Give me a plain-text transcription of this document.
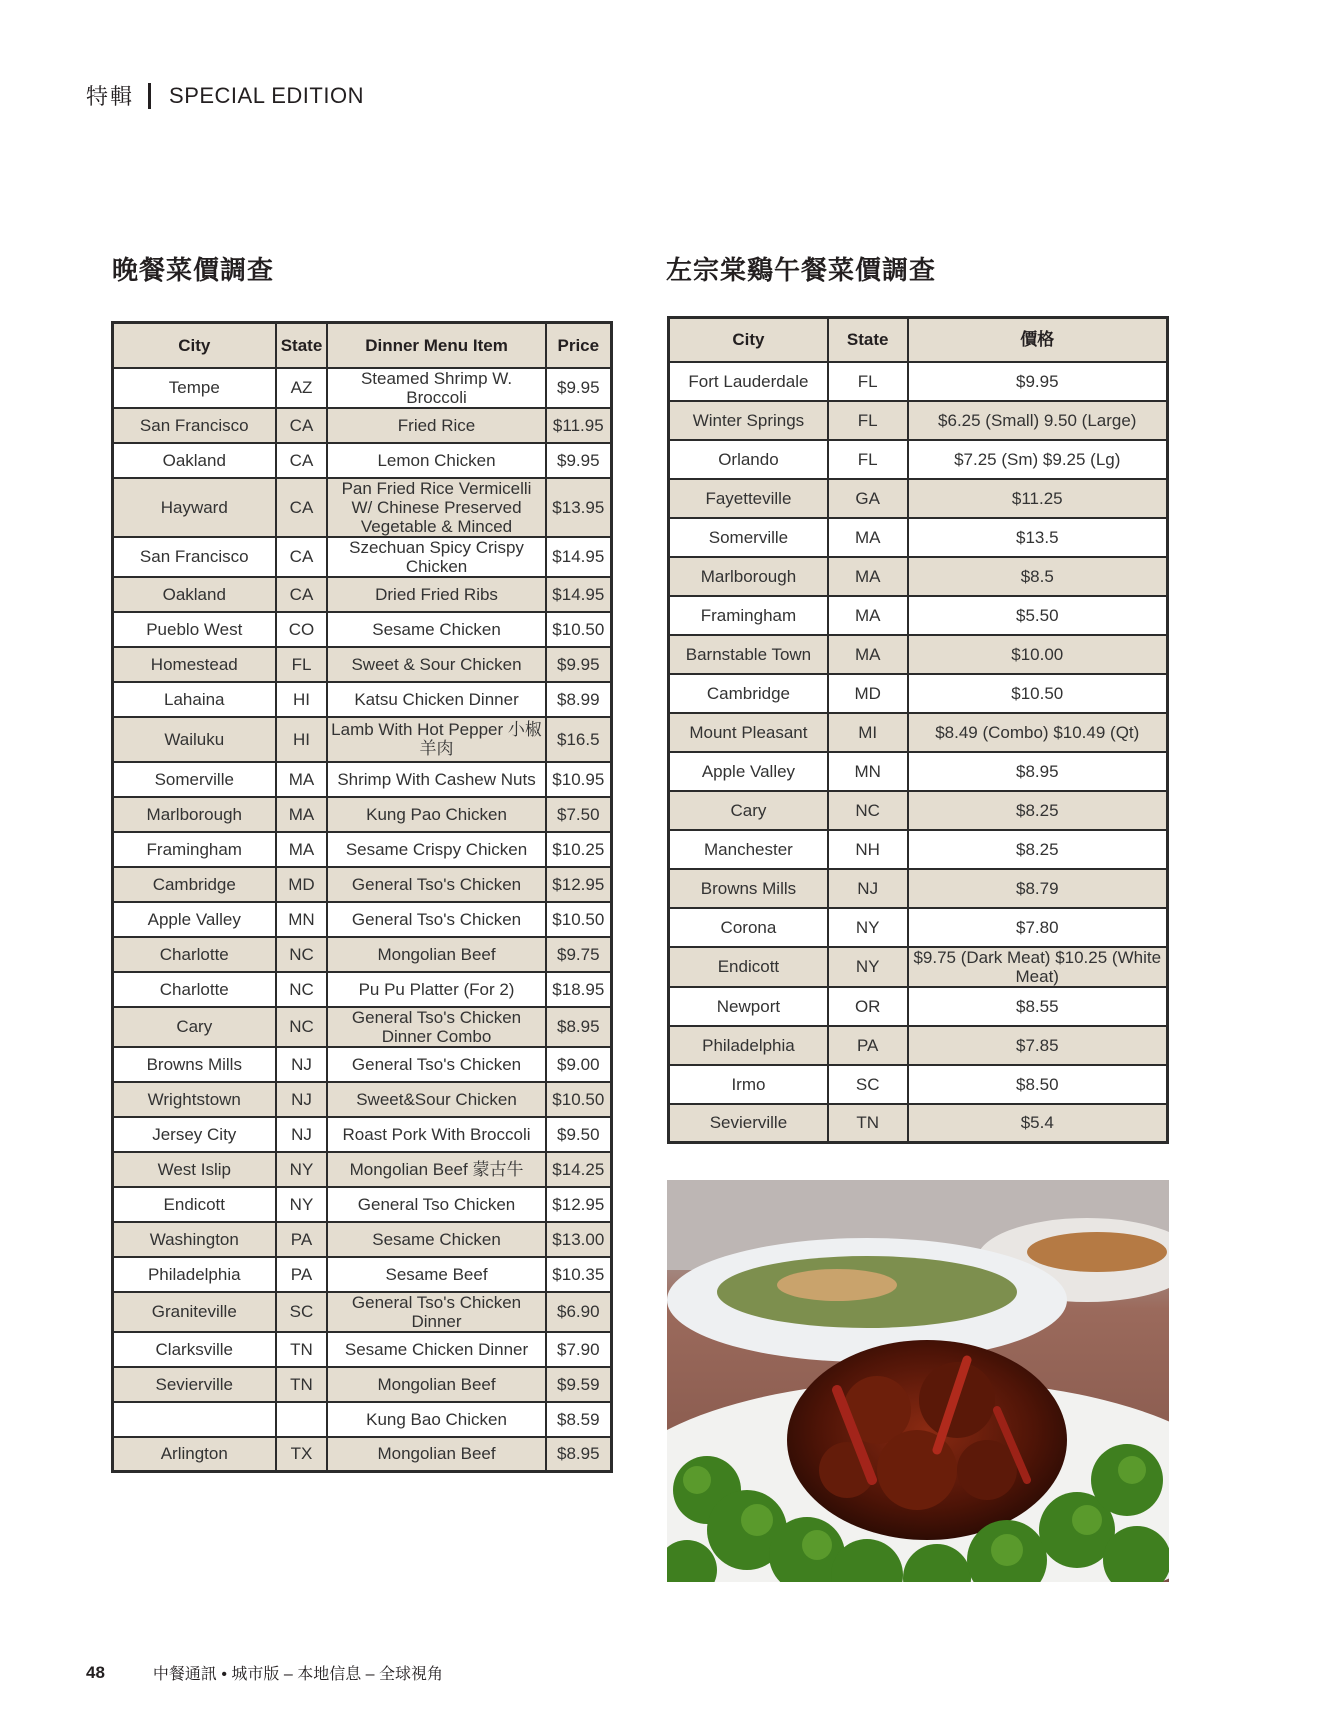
特輯 SPECIAL EDITION
晚餐菜價調查	左宗棠鷄午餐菜價調查
City	State	Dinner Menu Item	Price
Tempe	AZ	Steamed Shrimp W. Broccoli	$9.95
San Francisco	CA	Fried Rice	$11.95
Oakland	CA	Lemon Chicken	$9.95
Hayward	CA	Pan Fried Rice Vermicelli W/ Chinese Preserved Vegetable & Minced	$13.95
San Francisco	CA	Szechuan Spicy Crispy Chicken	$14.95
Oakland	CA	Dried Fried Ribs	$14.95
Pueblo West	CO	Sesame Chicken	$10.50
Homestead	FL	Sweet & Sour Chicken	$9.95
Lahaina	HI	Katsu Chicken Dinner	$8.99
Wailuku	HI	Lamb With Hot Pepper 小椒羊肉	$16.5
Somerville	MA	Shrimp With Cashew Nuts	$10.95
Marlborough	MA	Kung Pao Chicken	$7.50
Framingham	MA	Sesame Crispy Chicken	$10.25
Cambridge	MD	General Tso's Chicken	$12.95
Apple Valley	MN	General Tso's Chicken	$10.50
Charlotte	NC	Mongolian Beef	$9.75
Charlotte	NC	Pu Pu Platter (For 2)	$18.95
Cary	NC	General Tso's Chicken Dinner Combo	$8.95
Browns Mills	NJ	General Tso's Chicken	$9.00
Wrightstown	NJ	Sweet&Sour Chicken	$10.50
Jersey City	NJ	Roast Pork With Broccoli	$9.50
West Islip	NY	Mongolian Beef 蒙古牛	$14.25
Endicott	NY	General Tso Chicken	$12.95
Washington	PA	Sesame Chicken	$13.00
Philadelphia	PA	Sesame Beef	$10.35
Graniteville	SC	General Tso's Chicken Dinner	$6.90
Clarksville	TN	Sesame Chicken Dinner	$7.90
Sevierville	TN	Mongolian Beef	$9.59
		Kung Bao Chicken	$8.59
Arlington	TX	Mongolian Beef	$8.95
City	State	價格
Fort Lauderdale	FL	$9.95
Winter Springs	FL	$6.25 (Small) 9.50 (Large)
Orlando	FL	$7.25 (Sm) $9.25 (Lg)
Fayetteville	GA	$11.25
Somerville	MA	$13.5
Marlborough	MA	$8.5
Framingham	MA	$5.50
Barnstable Town	MA	$10.00
Cambridge	MD	$10.50
Mount Pleasant	MI	$8.49 (Combo) $10.49 (Qt)
Apple Valley	MN	$8.95
Cary	NC	$8.25
Manchester	NH	$8.25
Browns Mills	NJ	$8.79
Corona	NY	$7.80
Endicott	NY	$9.75 (Dark Meat) $10.25 (White Meat)
Newport	OR	$8.55
Philadelphia	PA	$7.85
Irmo	SC	$8.50
Sevierville	TN	$5.4
48	中餐通訊 • 城市版 – 本地信息 – 全球視角
